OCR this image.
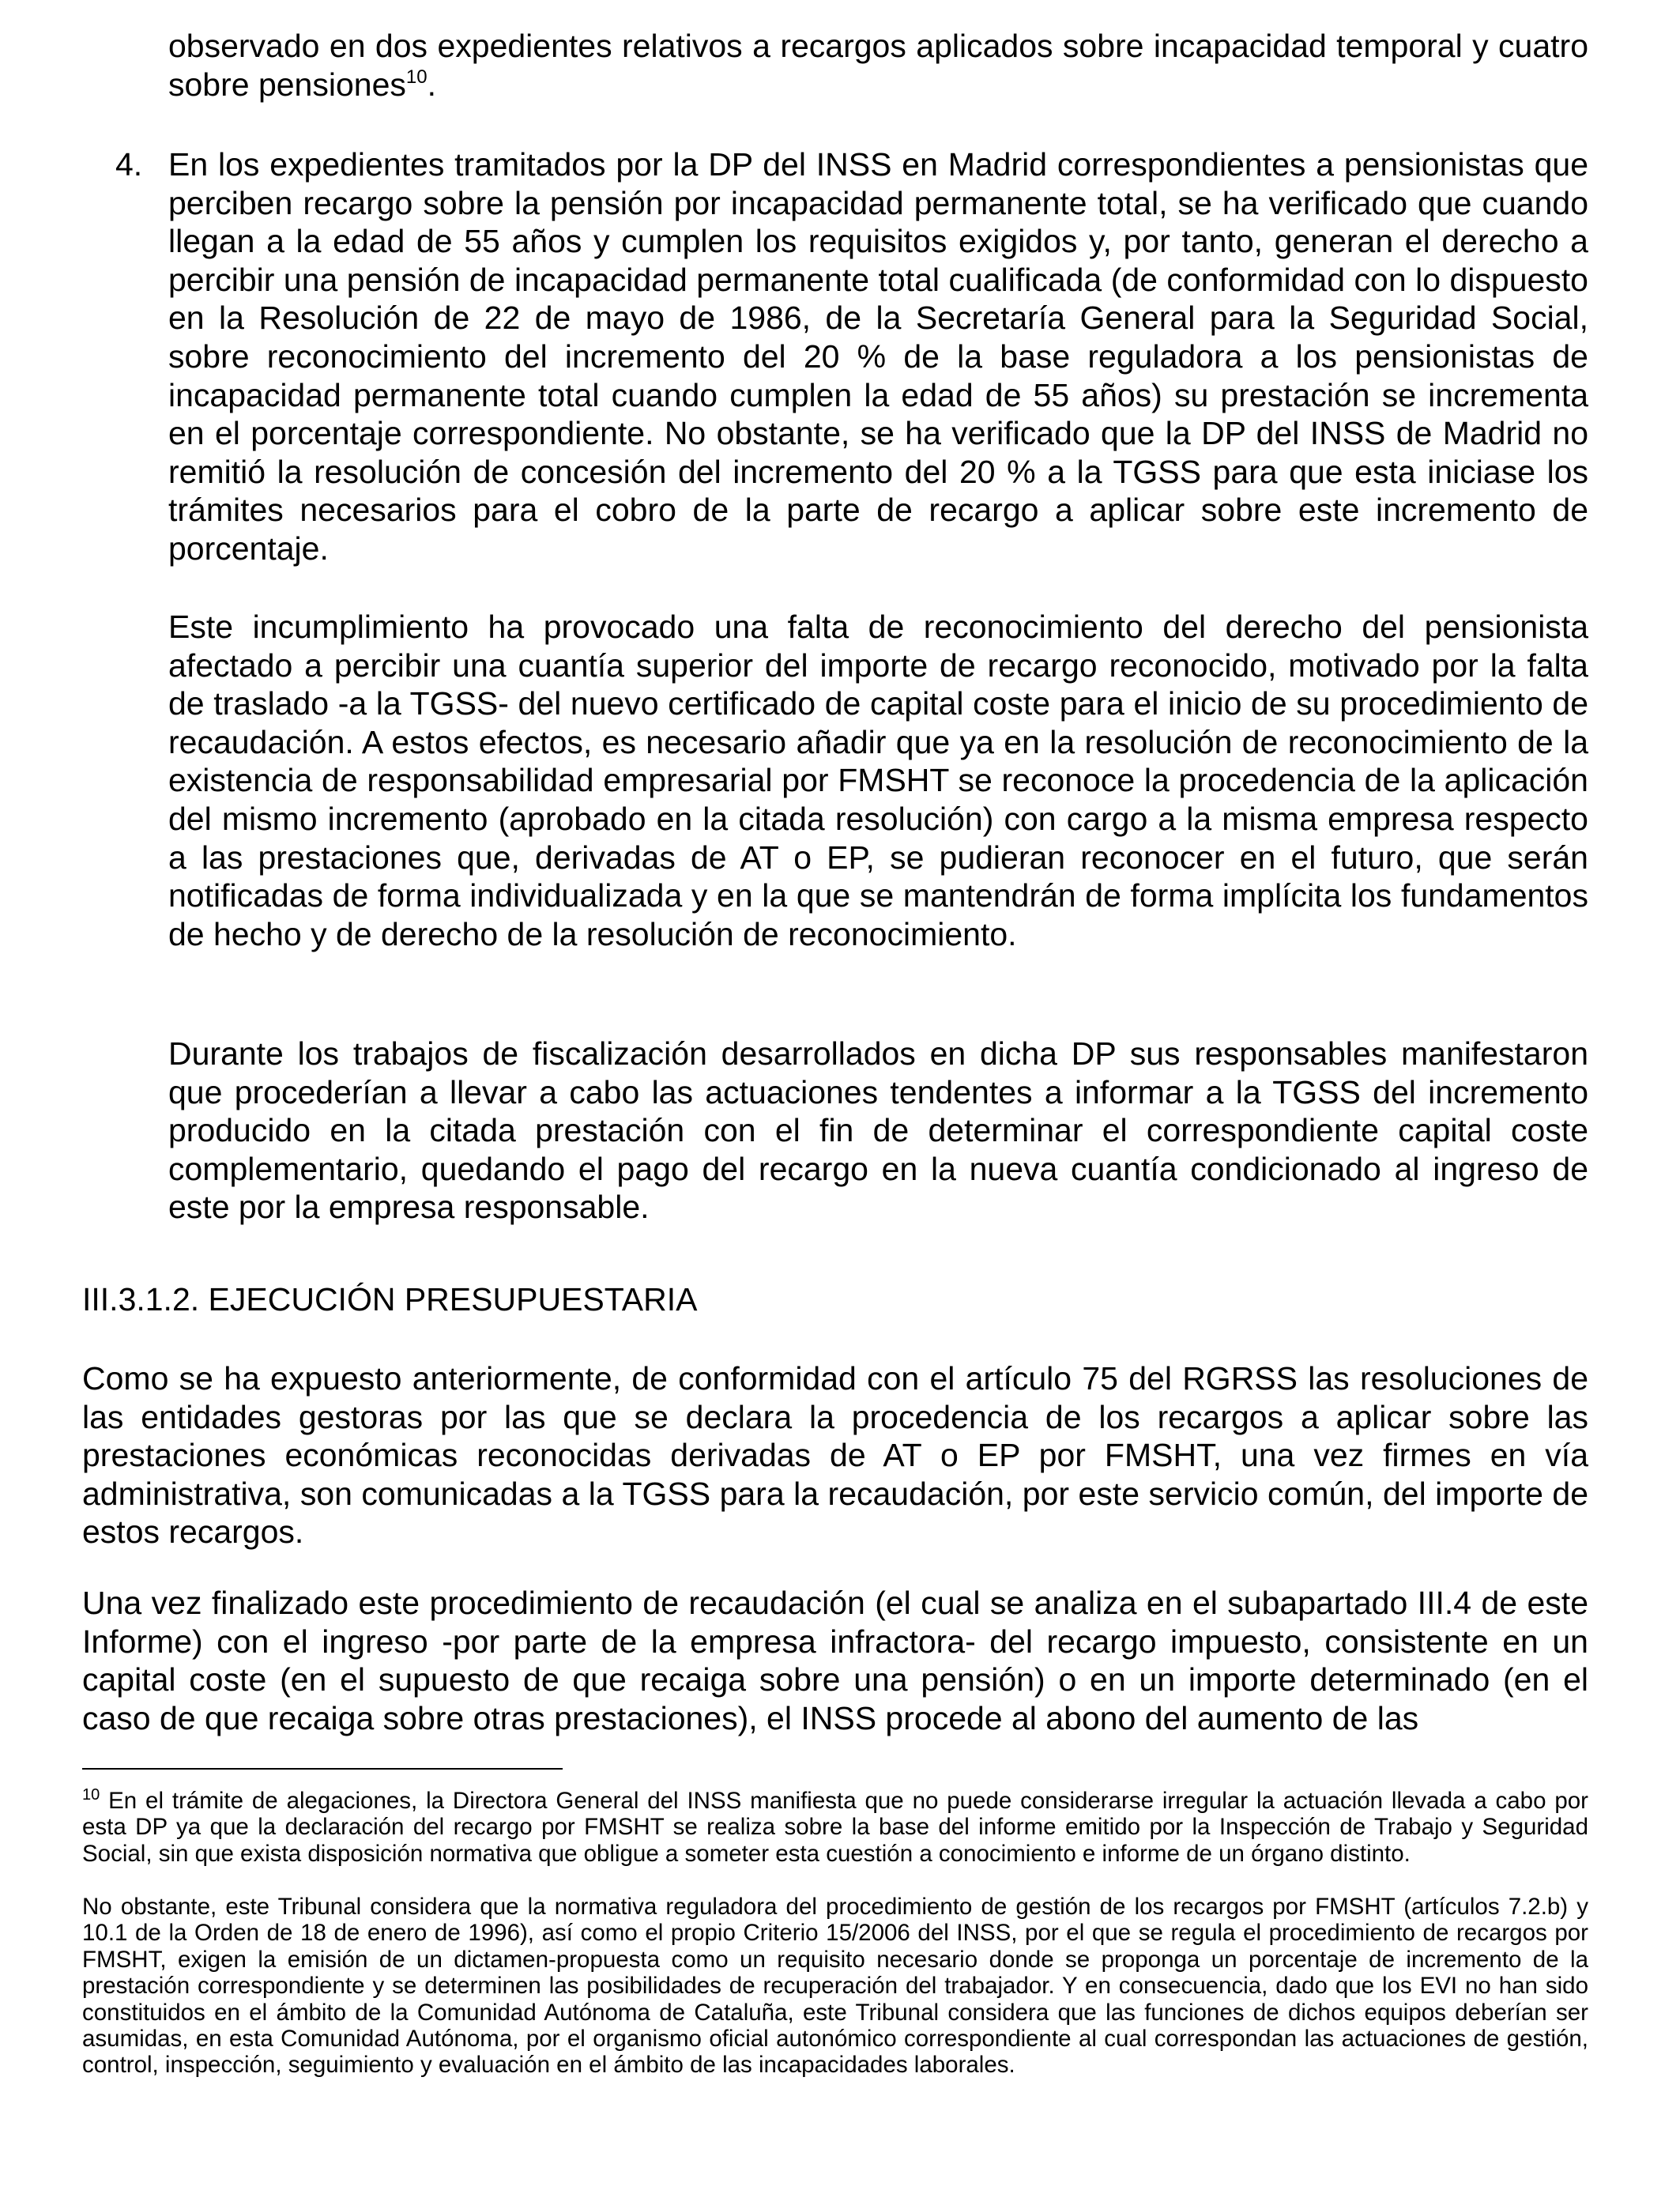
observado en dos expedientes relativos a recargos aplicados sobre incapacidad temporal y cuatro sobre pensiones$^{10}$.

4. En los expedientes tramitados por la DP del INSS en Madrid correspondientes a pensionistas que perciben recargo sobre la pensión por incapacidad permanente total, se ha verificado que cuando llegan a la edad de 55 años y cumplen los requisitos exigidos y, por tanto, generan el derecho a percibir una pensión de incapacidad permanente total cualificada (de conformidad con lo dispuesto en la Resolución de 22 de mayo de 1986, de la Secretaría General para la Seguridad Social, sobre reconocimiento del incremento del 20 % de la base reguladora a los pensionistas de incapacidad permanente total cuando cumplen la edad de 55 años) su prestación se incrementa en el porcentaje correspondiente. No obstante, se ha verificado que la DP del INSS de Madrid no remitió la resolución de concesión del incremento del 20 % a la TGSS para que esta iniciase los trámites necesarios para el cobro de la parte de recargo a aplicar sobre este incremento de porcentaje.

Este incumplimiento ha provocado una falta de reconocimiento del derecho del pensionista afectado a percibir una cuantía superior del importe de recargo reconocido, motivado por la falta de traslado -a la TGSS- del nuevo certificado de capital coste para el inicio de su procedimiento de recaudación. A estos efectos, es necesario añadir que ya en la resolución de reconocimiento de la existencia de responsabilidad empresarial por FMSHT se reconoce la procedencia de la aplicación del mismo incremento (aprobado en la citada resolución) con cargo a la misma empresa respecto a las prestaciones que, derivadas de AT o EP, se pudieran reconocer en el futuro, que serán notificadas de forma individualizada y en la que se mantendrán de forma implícita los fundamentos de hecho y de derecho de la resolución de reconocimiento.

Durante los trabajos de fiscalización desarrollados en dicha DP sus responsables manifestaron que procederían a llevar a cabo las actuaciones tendentes a informar a la TGSS del incremento producido en la citada prestación con el fin de determinar el correspondiente capital coste complementario, quedando el pago del recargo en la nueva cuantía condicionado al ingreso de este por la empresa responsable.

III.3.1.2. EJECUCIÓN PRESUPUESTARIA

Como se ha expuesto anteriormente, de conformidad con el artículo 75 del RGRSS las resoluciones de las entidades gestoras por las que se declara la procedencia de los recargos a aplicar sobre las prestaciones económicas reconocidas derivadas de AT o EP por FMSHT, una vez firmes en vía administrativa, son comunicadas a la TGSS para la recaudación, por este servicio común, del importe de estos recargos.

Una vez finalizado este procedimiento de recaudación (el cual se analiza en el subapartado III.4 de este Informe) con el ingreso -por parte de la empresa infractora- del recargo impuesto, consistente en un capital coste (en el supuesto de que recaiga sobre una pensión) o en un importe determinado (en el caso de que recaiga sobre otras prestaciones), el INSS procede al abono del aumento de las

$^{10}$ En el trámite de alegaciones, la Directora General del INSS manifiesta que no puede considerarse irregular la actuación llevada a cabo por esta DP ya que la declaración del recargo por FMSHT se realiza sobre la base del informe emitido por la Inspección de Trabajo y Seguridad Social, sin que exista disposición normativa que obligue a someter esta cuestión a conocimiento e informe de un órgano distinto.

No obstante, este Tribunal considera que la normativa reguladora del procedimiento de gestión de los recargos por FMSHT (artículos 7.2.b) y 10.1 de la Orden de 18 de enero de 1996), así como el propio Criterio 15/2006 del INSS, por el que se regula el procedimiento de recargos por FMSHT, exigen la emisión de un dictamen-propuesta como un requisito necesario donde se proponga un porcentaje de incremento de la prestación correspondiente y se determinen las posibilidades de recuperación del trabajador. Y en consecuencia, dado que los EVI no han sido constituidos en el ámbito de la Comunidad Autónoma de Cataluña, este Tribunal considera que las funciones de dichos equipos deberían ser asumidas, en esta Comunidad Autónoma, por el organismo oficial autonómico correspondiente al cual correspondan las actuaciones de gestión, control, inspección, seguimiento y evaluación en el ámbito de las incapacidades laborales.
